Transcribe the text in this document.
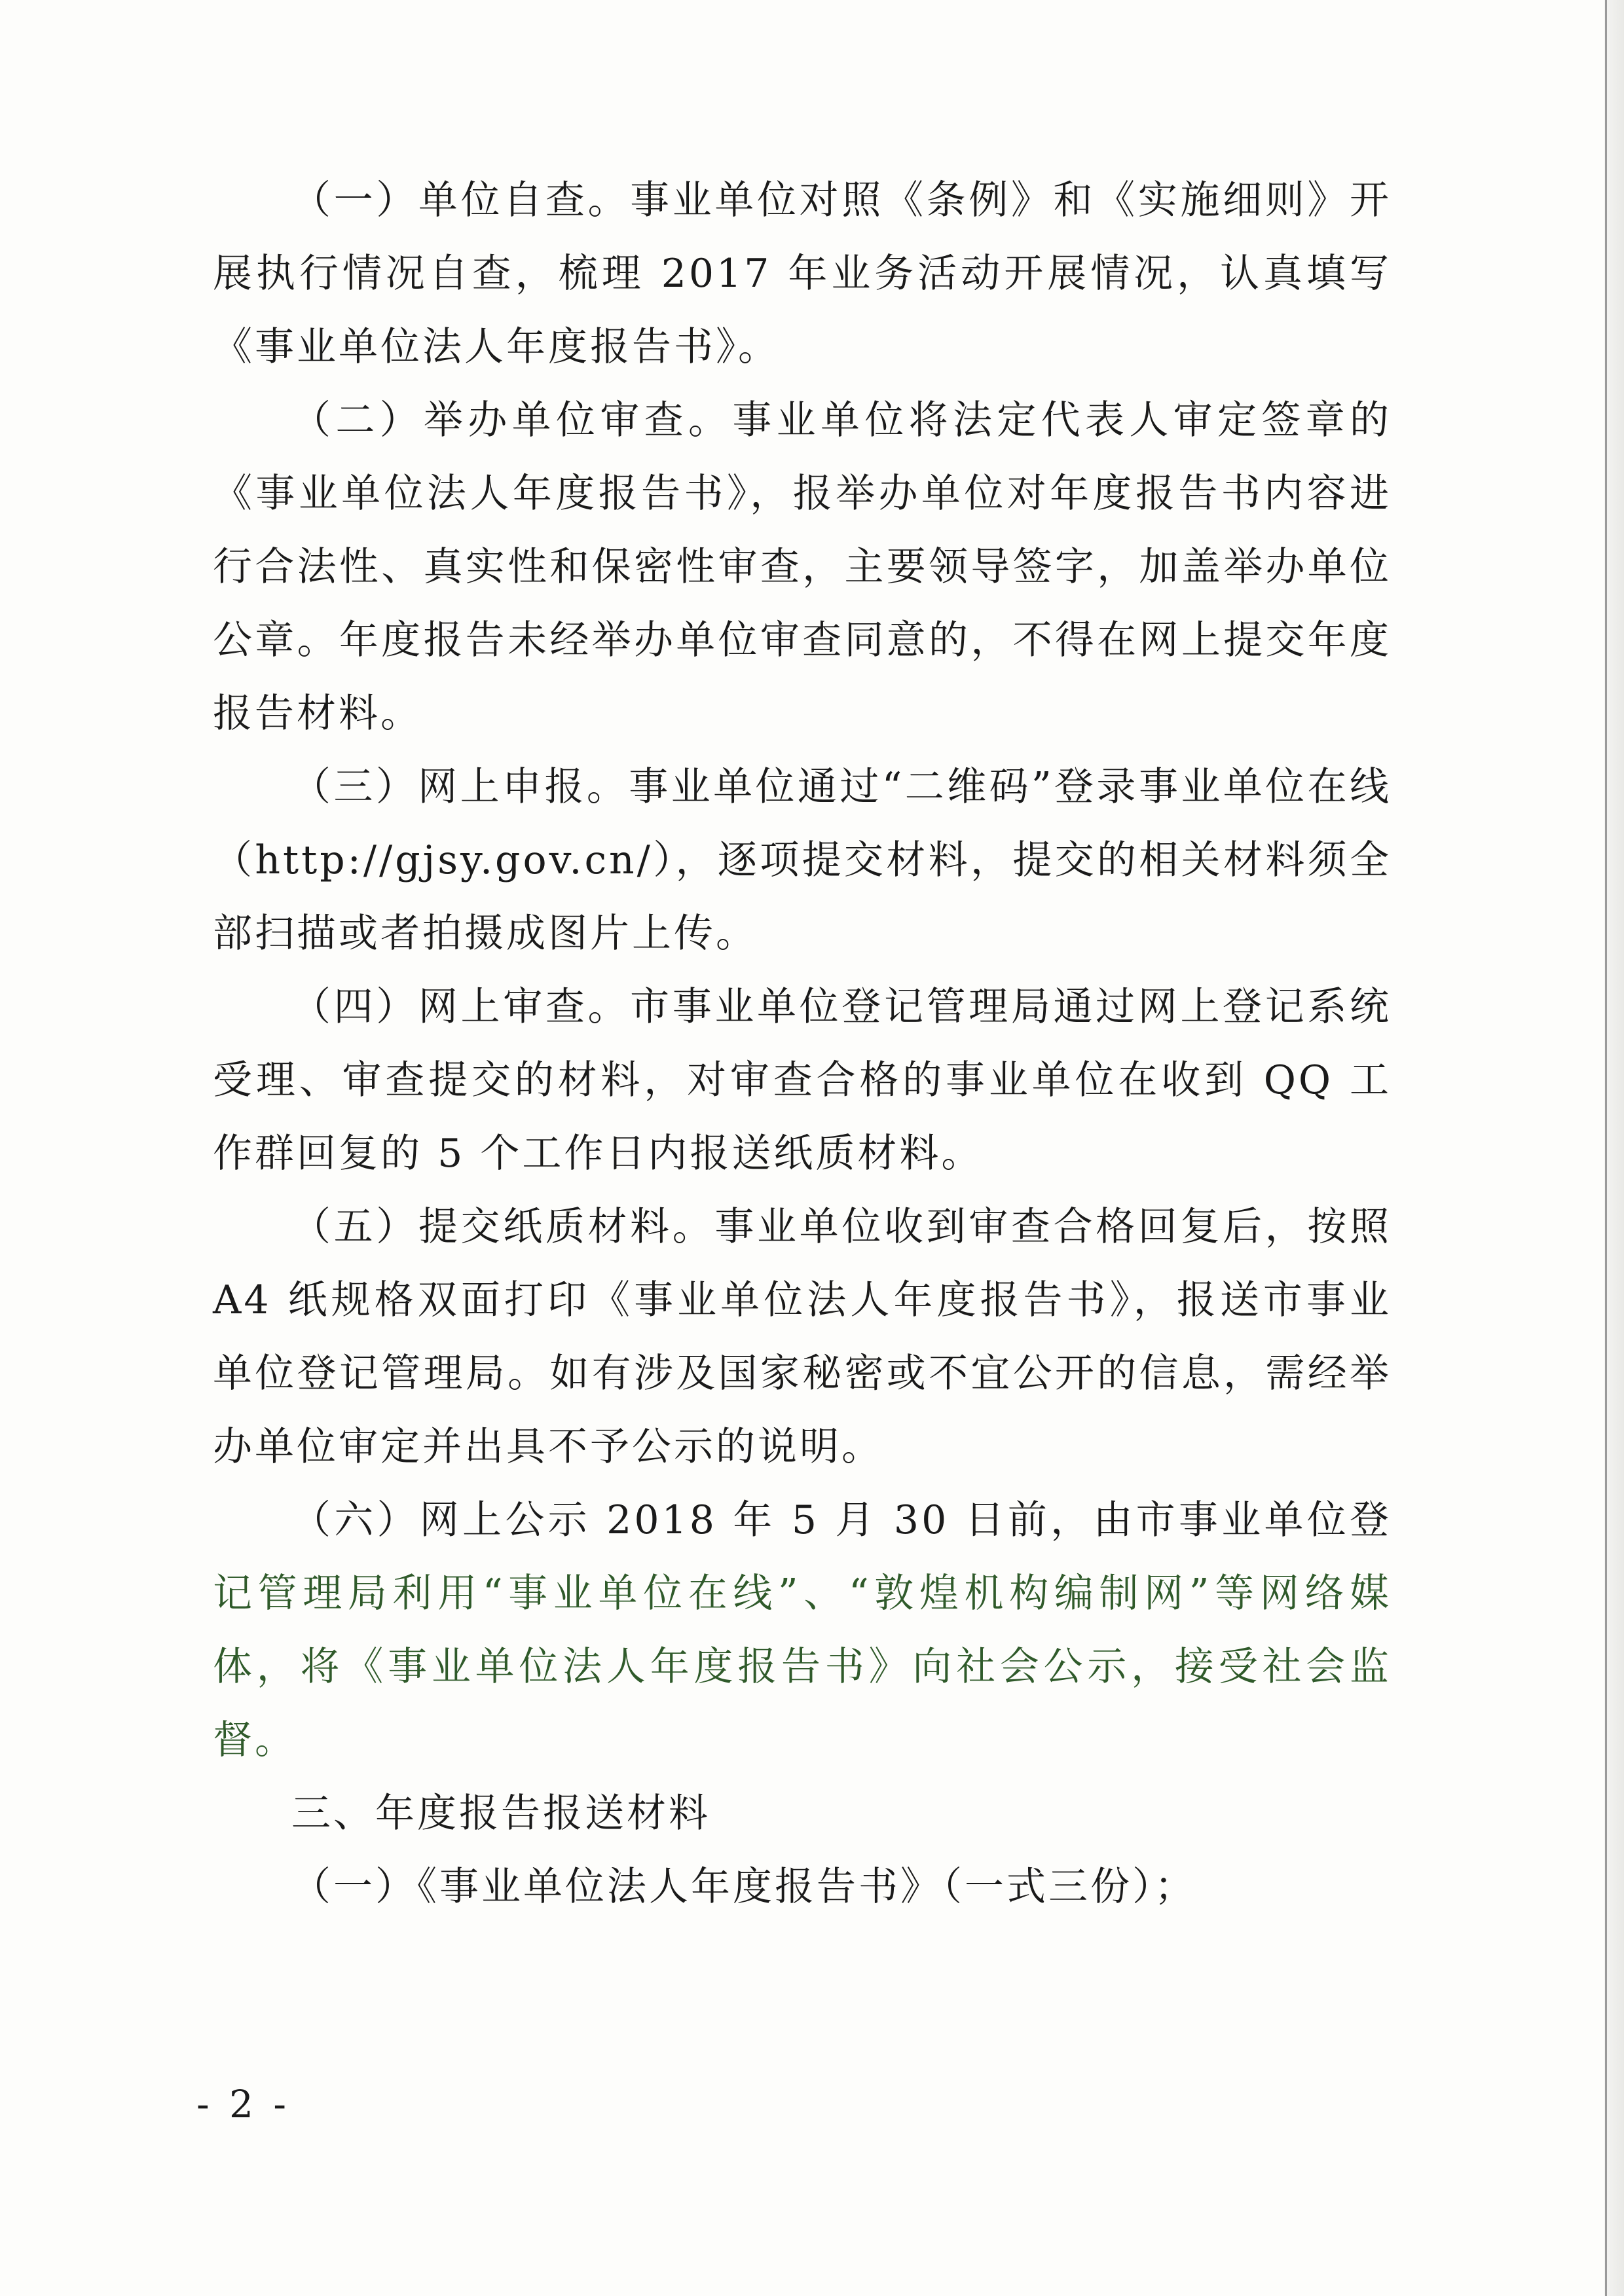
（一）单位自查。事业单位对照《条例》和《实施细则》开展执行情况自查，梳理 2017 年业务活动开展情况，认真填写《事业单位法人年度报告书》。

（二）举办单位审查。事业单位将法定代表人审定签章的《事业单位法人年度报告书》，报举办单位对年度报告书内容进行合法性、真实性和保密性审查，主要领导签字，加盖举办单位公章。年度报告未经举办单位审查同意的，不得在网上提交年度报告材料。

（三）网上申报。事业单位通过“二维码”登录事业单位在线（http://gjsy.gov.cn/），逐项提交材料，提交的相关材料须全部扫描或者拍摄成图片上传。

（四）网上审查。市事业单位登记管理局通过网上登记系统受理、审查提交的材料，对审查合格的事业单位在收到 QQ 工作群回复的 5 个工作日内报送纸质材料。

（五）提交纸质材料。事业单位收到审查合格回复后，按照 A4 纸规格双面打印《事业单位法人年度报告书》，报送市事业单位登记管理局。如有涉及国家秘密或不宜公开的信息，需经举办单位审定并出具不予公示的说明。

（六）网上公示 2018 年 5 月 30 日前，由市事业单位登记管理局利用“事业单位在线”、“敦煌机构编制网”等网络媒体，将《事业单位法人年度报告书》向社会公示，接受社会监督。

三、年度报告报送材料

（一）《事业单位法人年度报告书》（一式三份）；

- 2 -
